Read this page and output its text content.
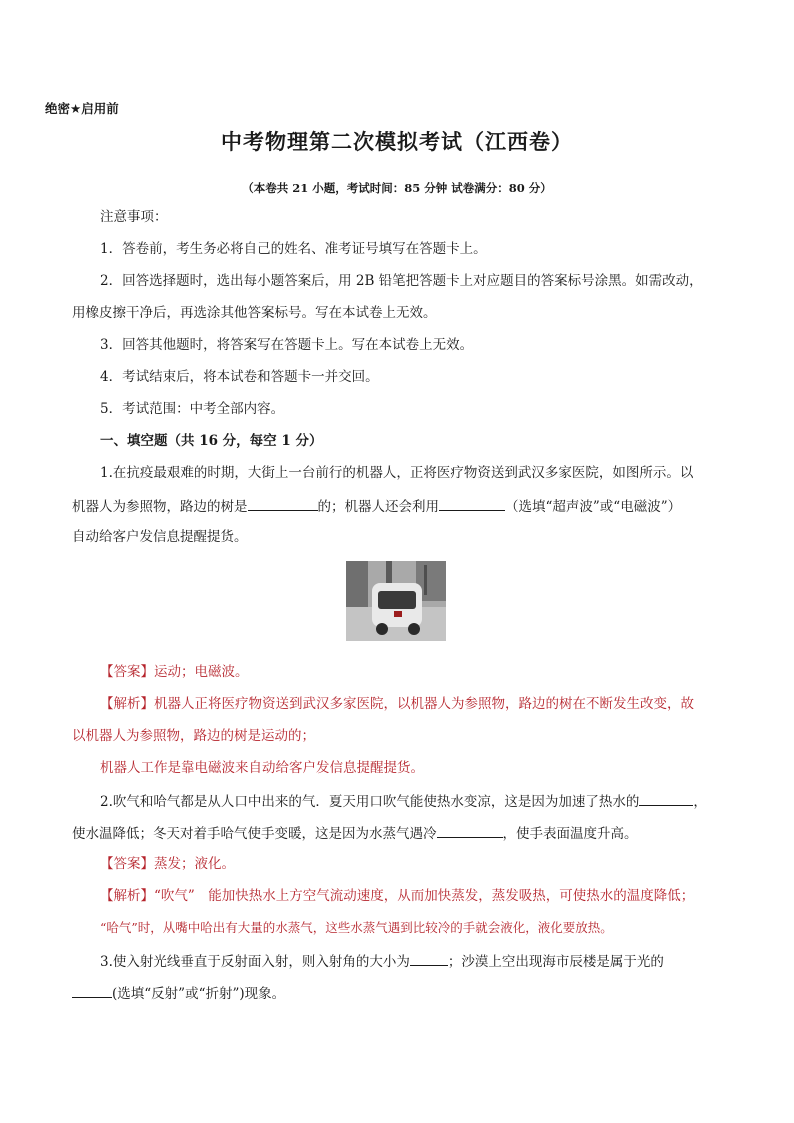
绝密★启用前
中考物理第二次模拟考试（江西卷）
（本卷共 21 小题，考试时间：85 分钟 试卷满分：80 分）
注意事项：
1．答卷前，考生务必将自己的姓名、准考证号填写在答题卡上。
2．回答选择题时，选出每小题答案后，用 2B 铅笔把答题卡上对应题目的答案标号涂黑。如需改动，
用橡皮擦干净后，再选涂其他答案标号。写在本试卷上无效。
3．回答其他题时，将答案写在答题卡上。写在本试卷上无效。
4．考试结束后，将本试卷和答题卡一并交回。
5．考试范围：中考全部内容。
一、填空题（共 16 分，每空 1 分）
1.在抗疫最艰难的时期，大街上一台前行的机器人，正将医疗物资送到武汉多家医院，如图所示。以
机器人为参照物，路边的树是	的；机器人还会利用	（选填“超声波”或“电磁波”）
自动给客户发信息提醒提货。
【答案】运动；电磁波。
【解析】机器人正将医疗物资送到武汉多家医院，以机器人为参照物，路边的树在不断发生改变，故
以机器人为参照物，路边的树是运动的；
机器人工作是靠电磁波来自动给客户发信息提醒提货。
2.吹气和哈气都是从人口中出来的气．夏天用口吹气能使热水变凉，这是因为加速了热水的	，
使水温降低；冬天对着手哈气使手变暖，这是因为水蒸气遇冷	，使手表面温度升高。
【答案】蒸发；液化。
【解析】“吹气”　能加快热水上方空气流动速度，从而加快蒸发，蒸发吸热，可使热水的温度降低；
“哈气”时，从嘴中哈出有大量的水蒸气，这些水蒸气遇到比较冷的手就会液化，液化要放热。
3.使入射光线垂直于反射面入射，则入射角的大小为	；沙漠上空出现海市辰楼是属于光的
(选填“反射”或“折射”)现象。
